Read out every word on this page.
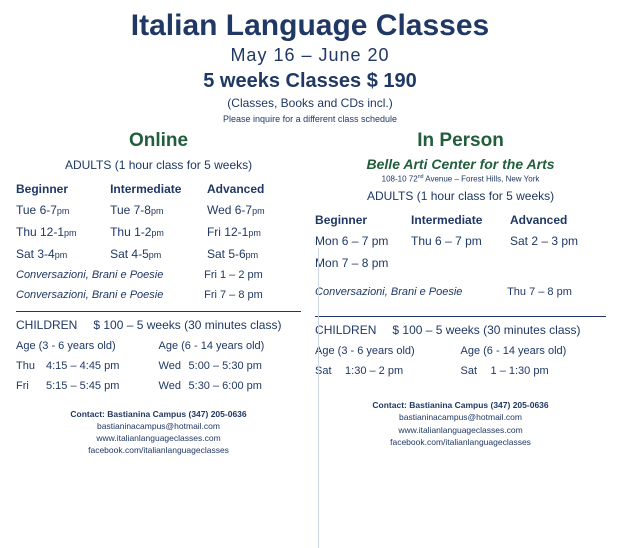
Italian Language Classes
May 16 – June 20
5 weeks Classes $ 190
(Classes, Books and CDs incl.)
Please inquire for a different class schedule
Online
ADULTS (1 hour class for 5 weeks)
Beginner	Intermediate	Advanced
Tue 6-7pm	Tue 7-8pm	Wed 6-7pm
Thu 12-1pm	Thu 1-2pm	Fri 12-1pm
Sat 3-4pm	Sat 4-5pm	Sat 5-6pm
Conversazioni, Brani e Poesie	Fri 1 – 2 pm
Conversazioni, Brani e Poesie	Fri 7 – 8 pm
CHILDREN $ 100 – 5 weeks (30 minutes class)
Age (3 - 6 years old)	Age (6 - 14 years old)
Thu 4:15 – 4:45 pm	Wed 5:00 – 5:30 pm
Fri 5:15 – 5:45 pm	Wed 5:30 – 6:00 pm
Contact: Bastianina Campus (347) 205-0636
bastianinacampus@hotmail.com
www.italianlanguageclasses.com
facebook.com/italianlanguageclasses
In Person
Belle Arti Center for the Arts
108-10 72nd Avenue – Forest Hills, New York
ADULTS (1 hour class for 5 weeks)
Beginner	Intermediate	Advanced
Mon 6 – 7 pm	Thu 6 – 7 pm	Sat 2 – 3 pm
Mon 7 – 8 pm		
Conversazioni, Brani e Poesie	Thu 7 – 8 pm
CHILDREN $ 100 – 5 weeks (30 minutes class)
Age (3 - 6 years old)	Age (6 - 14 years old)
Sat 1:30 – 2 pm	Sat 1 – 1:30 pm
Contact: Bastianina Campus (347) 205-0636
bastianinacampus@hotmail.com
www.italianlanguageclasses.com
facebook.com/italianlanguageclasses
